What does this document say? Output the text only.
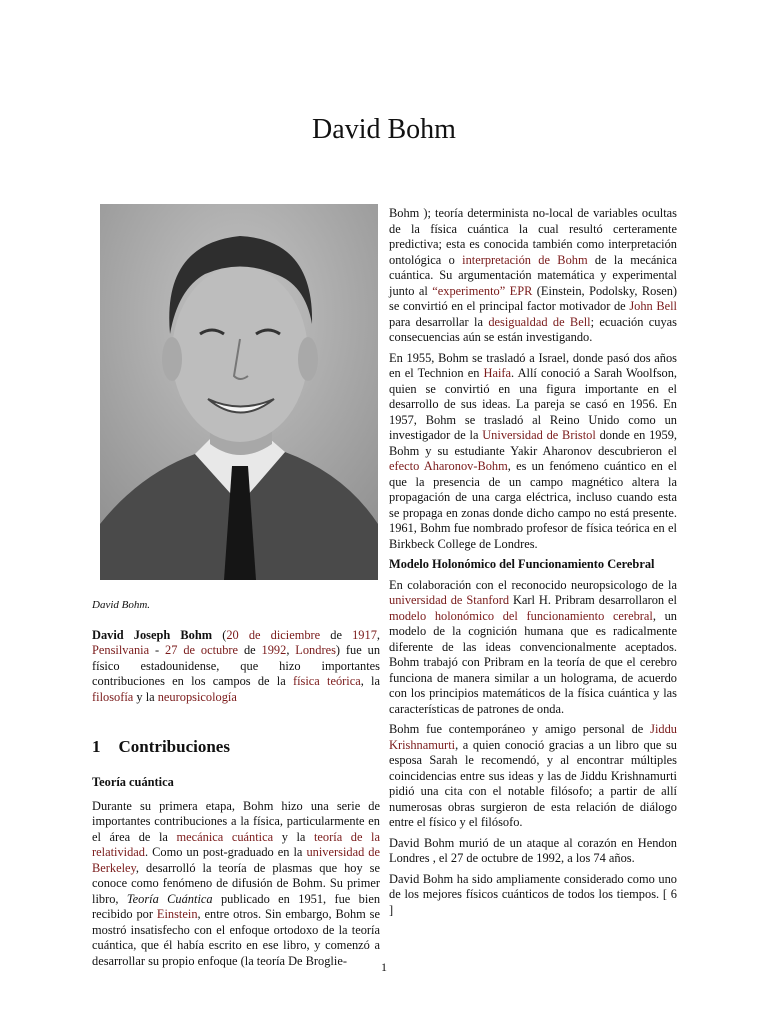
David Bohm
David Bohm.

David Joseph Bohm (20 de diciembre de 1917, Pensilvania - 27 de octubre de 1992, Londres) fue un físico estadounidense, que hizo importantes contribuciones en los campos de la física teórica, la filosofía y la neuropsicología

1 Contribuciones
Teoría cuántica

Durante su primera etapa, Bohm hizo una serie de importantes contribuciones a la física, particularmente en el área de la mecánica cuántica y la teoría de la relatividad. Como un post-graduado en la universidad de Berkeley, desarrolló la teoría de plasmas que hoy se conoce como fenómeno de difusión de Bohm. Su primer libro, Teoría Cuántica publicado en 1951, fue bien recibido por Einstein, entre otros. Sin embargo, Bohm se mostró insatisfecho con el enfoque ortodoxo de la teoría cuántica, que él había escrito en ese libro, y comenzó a desarrollar su propio enfoque (la teoría De Broglie-

Bohm ); teoría determinista no-local de variables ocultas de la física cuántica la cual resultó certeramente predictiva; esta es conocida también como interpretación ontológica o interpretación de Bohm de la mecánica cuántica. Su argumentación matemática y experimental junto al “experimento” EPR (Einstein, Podolsky, Rosen) se convirtió en el principal factor motivador de John Bell para desarrollar la desigualdad de Bell; ecuación cuyas consecuencias aún se están investigando.

En 1955, Bohm se trasladó a Israel, donde pasó dos años en el Technion en Haifa. Allí conoció a Sarah Woolfson, quien se convirtió en una figura importante en el desarrollo de sus ideas. La pareja se casó en 1956. En 1957, Bohm se trasladó al Reino Unido como un investigador de la Universidad de Bristol donde en 1959, Bohm y su estudiante Yakir Aharonov descubrieron el efecto Aharonov-Bohm, es un fenómeno cuántico en el que la presencia de un campo magnético altera la propagación de una carga eléctrica, incluso cuando esta se propaga en zonas donde dicho campo no está presente. 1961, Bohm fue nombrado profesor de física teórica en el Birkbeck College de Londres.

Modelo Holonómico del Funcionamiento Cerebral

En colaboración con el reconocido neuropsicologo de la universidad de Stanford Karl H. Pribram desarrollaron el modelo holonómico del funcionamiento cerebral, un modelo de la cognición humana que es radicalmente diferente de las ideas convencionalmente aceptados. Bohm trabajó con Pribram en la teoría de que el cerebro funciona de manera similar a un holograma, de acuerdo con los principios matemáticos de la física cuántica y las características de patrones de onda.

Bohm fue contemporáneo y amigo personal de Jiddu Krishnamurti, a quien conoció gracias a un libro que su esposa Sarah le recomendó, y al encontrar múltiples coincidencias entre sus ideas y las de Jiddu Krishnamurti pidió una cita con el notable filósofo; a partir de allí numerosas obras surgieron de esta relación de diálogo entre el físico y el filósofo.

David Bohm murió de un ataque al corazón en Hendon Londres , el 27 de octubre de 1992, a los 74 años.

David Bohm ha sido ampliamente considerado como uno de los mejores físicos cuánticos de todos los tiempos. [ 6 ]

1
